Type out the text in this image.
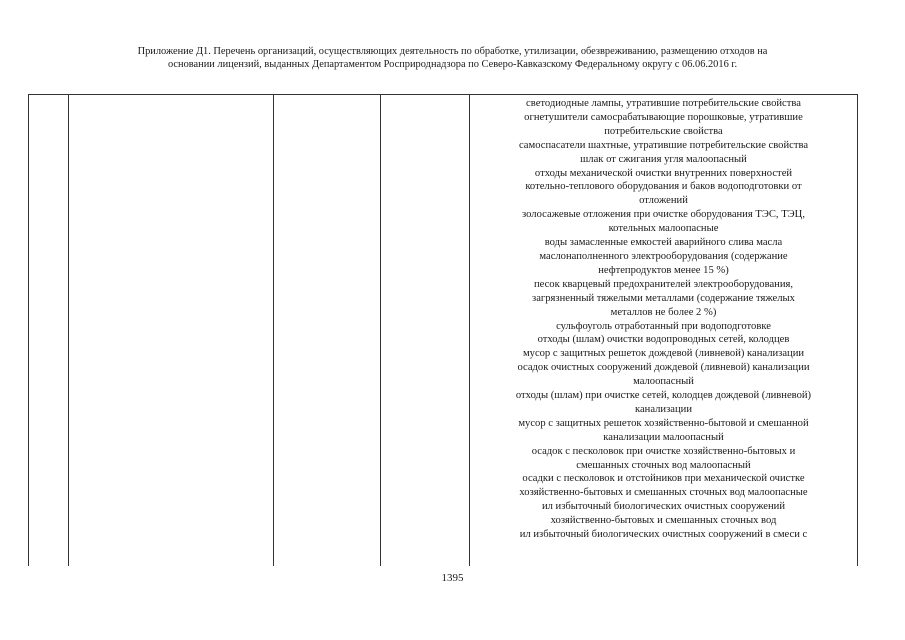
Приложение Д1. Перечень организаций, осуществляющих деятельность по обработке, утилизации, обезвреживанию, размещению отходов на
основании лицензий, выданных Департаментом Росприроднадзора по Северо-Кавказскому Федеральному округу с 06.06.2016 г.
светодиодные лампы, утратившие потребительские свойства
огнетушители самосрабатывающие порошковые, утратившие
потребительские свойства
самоспасатели шахтные, утратившие потребительские свойства
шлак от сжигания угля малоопасный
отходы механической очистки внутренних поверхностей
котельно-теплового оборудования и баков водоподготовки от
отложений
золосажевые отложения при очистке оборудования ТЭС, ТЭЦ,
котельных малоопасные
воды замасленные емкостей аварийного слива масла
маслонаполненного электрооборудования (содержание
нефтепродуктов менее 15 %)
песок кварцевый предохранителей электрооборудования,
загрязненный тяжелыми металлами (содержание тяжелых
металлов не более 2 %)
сульфоуголь отработанный при водоподготовке
отходы (шлам) очистки водопроводных сетей, колодцев
мусор с защитных решеток дождевой (ливневой) канализации
осадок очистных сооружений дождевой (ливневой) канализации
малоопасный
отходы (шлам) при очистке сетей, колодцев дождевой (ливневой)
канализации
мусор с защитных решеток хозяйственно-бытовой и смешанной
канализации малоопасный
осадок с песколовок при очистке хозяйственно-бытовых и
смешанных сточных вод малоопасный
осадки с песколовок и отстойников при механической очистке
хозяйственно-бытовых и смешанных сточных вод малоопасные
ил избыточный биологических очистных сооружений
хозяйственно-бытовых и смешанных сточных вод
ил избыточный биологических очистных сооружений в смеси с
1395
